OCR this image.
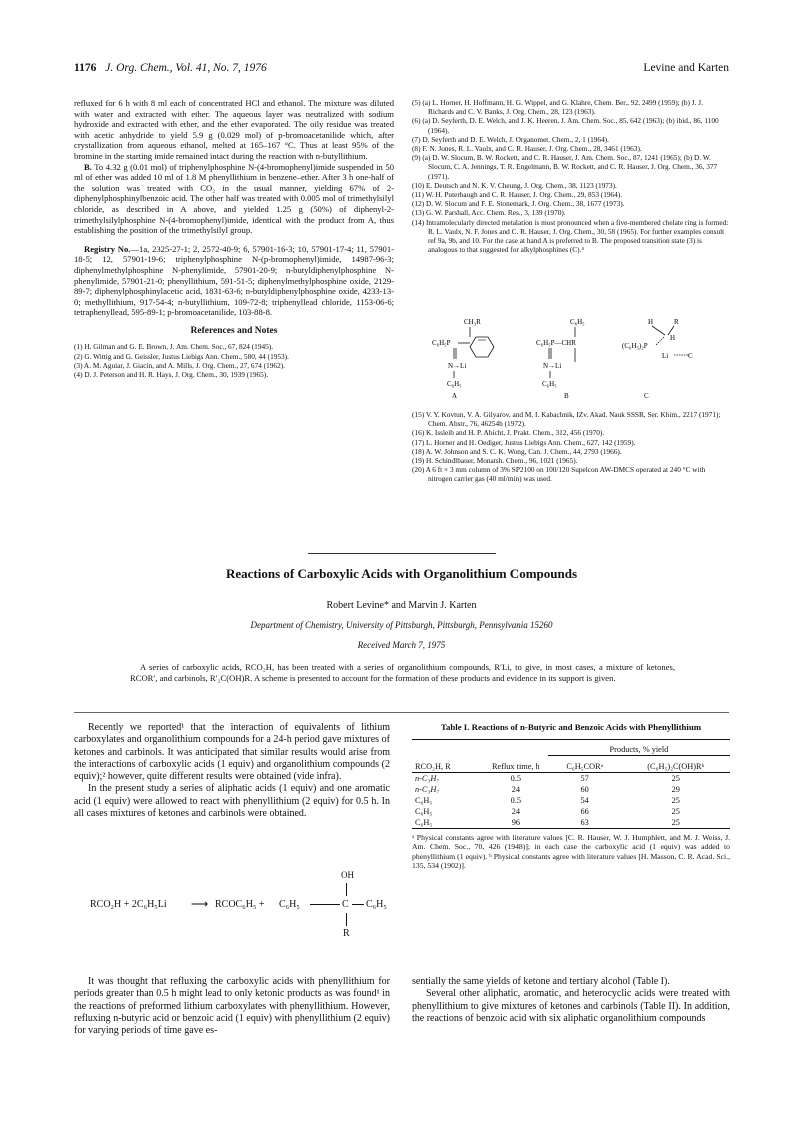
1176 J. Org. Chem., Vol. 41, No. 7, 1976	Levine and Karten

refluxed for 6 h with 8 ml each of concentrated HCl and ethanol. The mixture was diluted with water and extracted with ether. The aqueous layer was neutralized with sodium hydroxide and extracted with ether, and the ether evaporated. The oily residue was treated with acetic anhydride to yield 5.9 g (0.029 mol) of p-bromoacetanilide which, after crystallization from aqueous ethanol, melted at 165–167 °C. Thus at least 95% of the bromine in the starting imide remained intact during the reaction with n-butyllithium.

B. To 4.32 g (0.01 mol) of triphenylphosphine N-(4-bromophenyl)imide suspended in 50 ml of ether was added 10 ml of 1.8 M phenyllithium in benzene–ether. After 3 h one-half of the solution was treated with CO₂ in the usual manner, yielding 67% of 2-diphenylphosphinylbenzoic acid. The other half was treated with 0.005 mol of trimethylsilyl chloride, as described in A above, and yielded 1.25 g (50%) of diphenyl-2-trimethylsilylphosphine N-(4-bromophenyl)imide, identical with the product from A, thus establishing the position of the trimethylsilyl group.

Registry No.—1a, 2325-27-1; 2, 2572-40-9; 6, 57901-16-3; 10, 57901-17-4; 11, 57901-18-5; 12, 57901-19-6; triphenylphosphine N-(p-bromophenyl)imide, 14987-96-3; diphenylmethylphosphine N-phenylimide, 57901-20-9; n-butyldiphenylphosphine N-phenylimide, 57901-21-0; phenyllithium, 591-51-5; diphenylmethylphosphine oxide, 2129-89-7; diphenylphosphinylacetic acid, 1831-63-6; n-butyldiphenylphosphine oxide, 4233-13-0; methyllithium, 917-54-4; n-butyllithium, 109-72-8; triphenyllead chloride, 1153-06-6; tetraphenyllead, 595-89-1; p-bromoacetanilide, 103-88-8.

References and Notes
(1) H. Gilman and G. E. Brown, J. Am. Chem. Soc., 67, 824 (1945).
(2) G. Wittig and G. Geissler, Justus Liebigs Ann. Chem., 580, 44 (1953).
(3) A. M. Aguiar, J. Giacin, and A. Mills, J. Org. Chem., 27, 674 (1962).
(4) D. J. Peterson and H. R. Hays, J. Org. Chem., 30, 1939 (1965).
(5) (a) L. Horner, H. Hoffmann, H. G. Wippel, and G. Klahre, Chem. Ber., 92, 2499 (1959); (b) J. J. Richards and C. V. Banks, J. Org. Chem., 28, 123 (1963).
(6) (a) D. Seyferth, D. E. Welch, and J. K. Heeren, J. Am. Chem. Soc., 85, 642 (1963); (b) ibid., 86, 1100 (1964).
(7) D. Seyferth and D. E. Welch, J. Organomet. Chem., 2, 1 (1964).
(8) F. N. Jones, R. L. Vaulx, and C. R. Hauser, J. Org. Chem., 28, 3461 (1963).
(9) (a) D. W. Slocum, B. W. Rockett, and C. R. Hauser, J. Am. Chem. Soc., 87, 1241 (1965); (b) D. W. Slocum, C. A. Jennings, T. R. Engelmann, B. W. Rockett, and C. R. Hauser, J. Org. Chem., 36, 377 (1971).
(10) E. Deutsch and N. K. V. Cheung, J. Org. Chem., 38, 1123 (1973).
(11) W. H. Puterbaugh and C. R. Hauser, J. Org. Chem., 29, 853 (1964).
(12) D. W. Slocum and F. E. Stonemark, J. Org. Chem., 38, 1677 (1973).
(13) G. W. Parshall, Acc. Chem. Res., 3, 139 (1970).
(14) Intramolecularly directed metalation is most pronounced when a five-membered chelate ring is formed: R. L. Vaulx, N. F. Jones and C. R. Hauser, J. Org. Chem., 30, 58 (1965). For further examples consult ref 9a, 9b, and 10. For the case at hand A is preferred to B. The proposed transition state (3) is analogous to that suggested for alkylphosphines (C).⁴
CH₃R
C₆H₅P
N→Li
C₆H₅
A
C₆H₅
C₆H₅P—CHR
N→Li
C₆H₅
B
H	R
H
(C₆H₅)₂P
Li	C
C
(15) V. Y. Kovtun, V. A. Gilyarov, and M. I. Kabachnik, IZv. Akad. Nauk SSSR, Ser. Khim., 2217 (1971); Chem. Abstr., 76, 46254h (1972).
(16) K. Issleib and H. P. Abicht, J. Prakt. Chem., 312, 456 (1970).
(17) L. Horner and H. Oediger, Justus Liebigs Ann. Chem., 627, 142 (1959).
(18) A. W. Johnson and S. C. K. Wong, Can. J. Chem., 44, 2793 (1966).
(19) H. Schindlbauer, Monatsh. Chem., 96, 1021 (1965).
(20) A 6 ft × 3 mm column of 3% SP2100 on 100/120 Supelcon AW-DMCS operated at 240 °C with nitrogen carrier gas (40 ml/min) was used.
Reactions of Carboxylic Acids with Organolithium Compounds
Robert Levine* and Marvin J. Karten
Department of Chemistry, University of Pittsburgh, Pittsburgh, Pennsylvania 15260
Received March 7, 1975
A series of carboxylic acids, RCO₂H, has been treated with a series of organolithium compounds, R′Li, to give, in most cases, a mixture of ketones, RCOR′, and carbinols, R′₂C(OH)R. A scheme is presented to account for the formation of these products and evidence in its support is given.

Recently we reported¹ that the interaction of equivalents of lithium carboxylates and organolithium compounds for a 24-h period gave mixtures of ketones and carbinols. It was anticipated that similar results would arise from the interactions of carboxylic acids (1 equiv) and organolithium compounds (2 equiv);² however, quite different results were obtained (vide infra).

In the present study a series of aliphatic acids (1 equiv) and one aromatic acid (1 equiv) were allowed to react with phenyllithium (2 equiv) for 0.5 h. In all cases mixtures of ketones and carbinols were obtained.

OH
RCO₂H + 2C₆H₅Li ⟶ RCOC₆H₅ + C₆H₅	C C₆H₅
R

It was thought that refluxing the carboxylic acids with phenyllithium for periods greater than 0.5 h might lead to only ketonic products as was found¹ in the reactions of preformed lithium carboxylates with phenyllithium. However, refluxing n-butyric acid or benzoic acid (1 equiv) with phenyllithium (2 equiv) for varying periods of time gave es-

Table I. Reactions of n-Butyric and Benzoic Acids with Phenyllithium
		Products, % yield	
RCO₂H, R	Reflux time, h	C₆H₅CORᵃ	(C₆H₅)₂C(OH)Rᵇ
n-C₃H₇	0.5	57	25
n-C₃H₇	24	60	29
C₆H₅	0.5	54	25
C₆H₅	24	66	25
C₆H₅	96	63	25
ᵃ Physical constants agree with literature values [C. R. Hauser, W. J. Humphlett, and M. J. Weiss, J. Am. Chem. Soc., 70, 426 (1948)]; in each case the carboxylic acid (1 equiv) was added to phenyllithium (1 equiv). ᵇ Physical constants agree with literature values [H. Masson, C. R. Acad. Sci., 135, 534 (1902)].

sentially the same yields of ketone and tertiary alcohol (Table I).

Several other aliphatic, aromatic, and heterocyclic acids were treated with phenyllithium to give mixtures of ketones and carbinols (Table II). In addition, the reactions of benzoic acid with six aliphatic organolithium compounds
